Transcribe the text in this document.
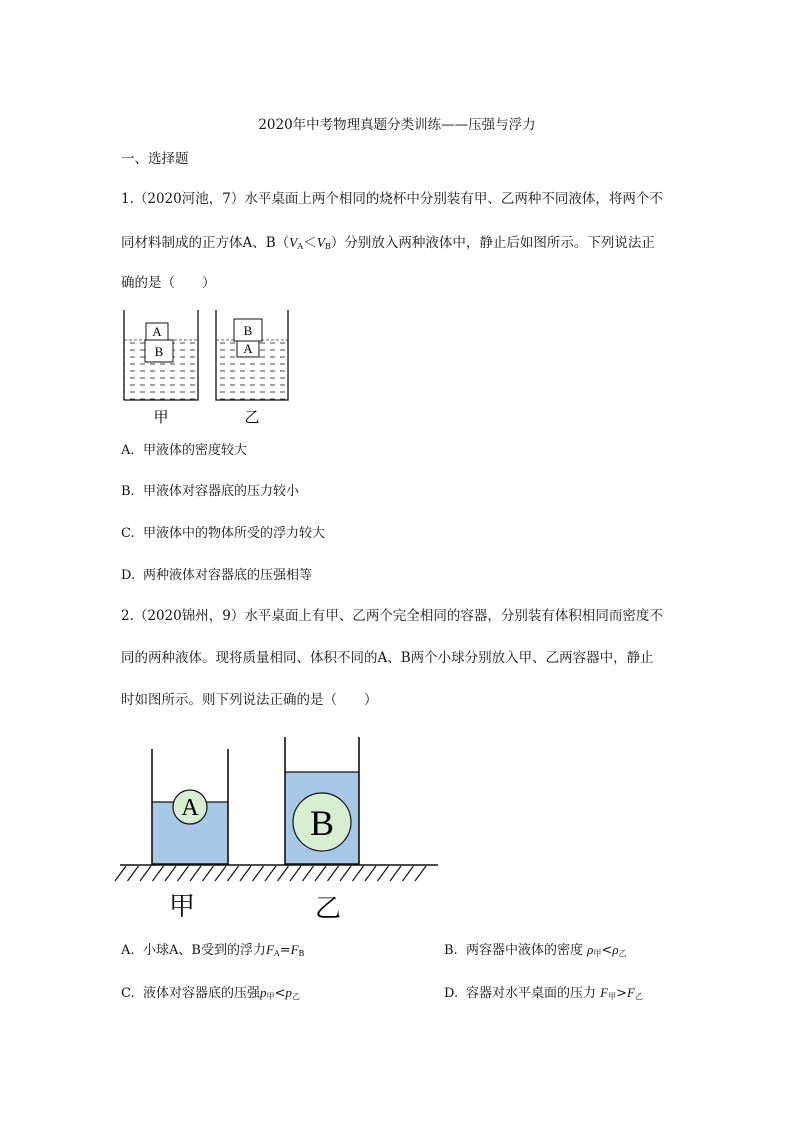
2020年中考物理真题分类训练——压强与浮力
一、选择题
1.（2020河池，7）水平桌面上两个相同的烧杯中分别装有甲、乙两种不同液体，将两个不
同材料制成的正方体A、$B(V_A<V_B)$分别放入两种液体中，静止后如图所示。下列说法正
确的是（　　）
A
B
甲
B
A
乙
A. 甲液体的密度较大
B. 甲液体对容器底的压力较小
C. 甲液体中的物体所受的浮力较大
D. 两种液体对容器底的压强相等
2.（2020锦州，9）水平桌面上有甲、乙两个完全相同的容器，分别装有体积相同而密度不
同的两种液体。现将质量相同、体积不同的A、B两个小球分别放入甲、乙两容器中，静止
时如图所示。则下列说法正确的是（　　）
A	B
甲	乙
A. 小球A、B受到的浮力$F_A=F_B$	B. 两容器中液体的密度 $\rho_甲<\rho_乙$
C. 液体对容器底的压强$p_甲<p_乙$	D. 容器对水平桌面的压力 $F_甲>F_乙$
